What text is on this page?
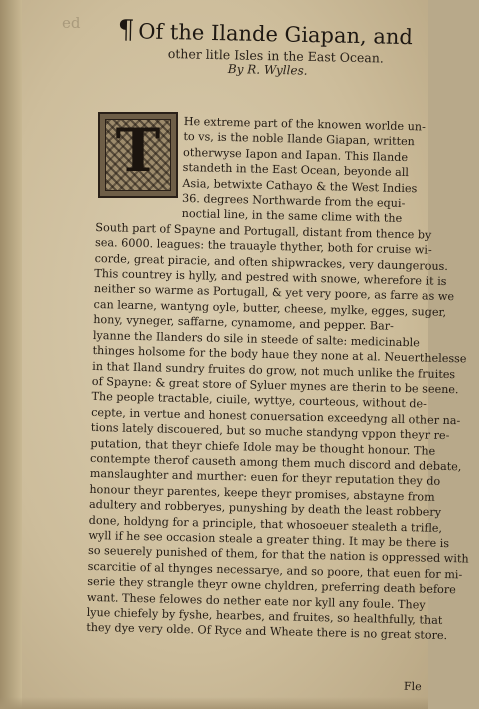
ed ¶ Of the Ilande Giapan, and
other litle Isles in the East Ocean.
By R. Wylles.
T	He extreme part of the knowen worlde un-
to vs, is the noble Ilande Giapan, written
otherwyse Iapon and Iapan. This Ilande
standeth in the East Ocean, beyonde all
Asia, betwixte Cathayo & the West Indies
36. degrees Northwarde from the equi-
noctial line, in the same clime with the
South part of Spayne and Portugall, distant from thence by
sea. 6000. leagues: the trauayle thyther, both for cruise wi-
corde, great piracie, and often shipwrackes, very daungerous.
This countrey is hylly, and pestred with snowe, wherefore it is
neither so warme as Portugall, & yet very poore, as farre as we
can learne, wantyng oyle, butter, cheese, mylke, egges, suger,
hony, vyneger, saffarne, cynamome, and pepper. Bar-
lyanne the Ilanders do sile in steede of salte: medicinable
thinges holsome for the body haue they none at al. Neuerthelesse
in that Iland sundry fruites do grow, not much unlike the fruites
of Spayne: & great store of Syluer mynes are therin to be seene.
The people tractable, ciuile, wyttye, courteous, without de-
cepte, in vertue and honest conuersation exceedyng all other na-
tions lately discouered, but so muche standyng vppon theyr re-
putation, that theyr chiefe Idole may be thought honour. The
contempte therof causeth among them much discord and debate,
manslaughter and murther: euen for theyr reputation they do
honour theyr parentes, keepe theyr promises, abstayne from
adultery and robberyes, punyshing by death the least robbery
done, holdyng for a principle, that whosoeuer stealeth a trifle,
wyll if he see occasion steale a greater thing. It may be there is
so seuerely punished of them, for that the nation is oppressed with
scarcitie of al thynges necessarye, and so poore, that euen for mi-
serie they strangle theyr owne chyldren, preferring death before
want. These felowes do nether eate nor kyll any foule. They
lyue chiefely by fyshe, hearbes, and fruites, so healthfully, that
they dye very olde. Of Ryce and Wheate there is no great store.
Fle
